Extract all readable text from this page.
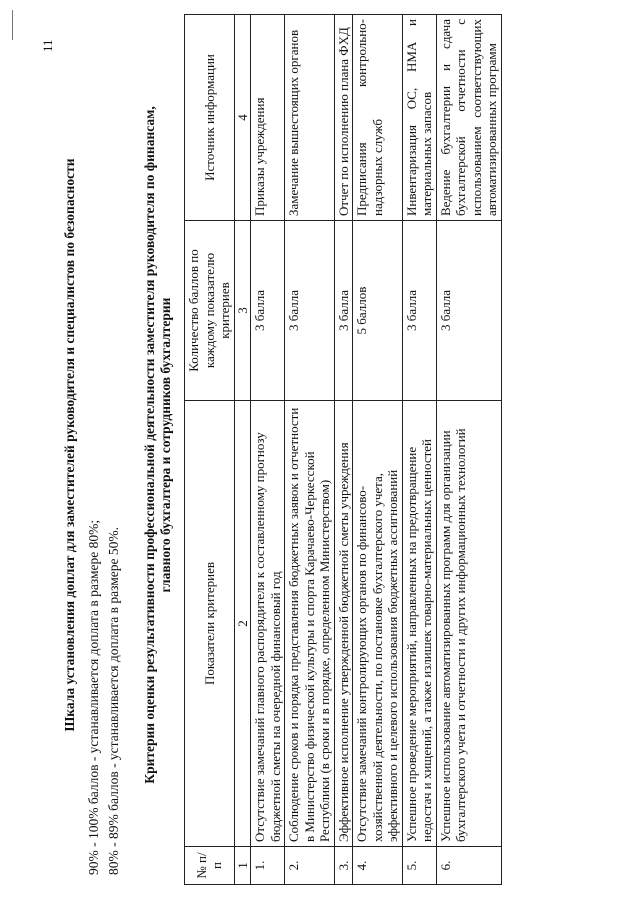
11
Шкала установления доплат для заместителей руководителя и специалистов по безопасности 90% - 100% баллов - устанавливается доплата в размере 80%; 80% - 89% баллов - устанавливается доплата в размере 50%. Критерии оценки результативности профессиональной деятельности заместителя руководителя по финансам, главного бухгалтера и сотрудников бухгалтерии
№ п/п	Показатели критериев	Количество баллов по каждому показателю критериев	Источник информации
1	2	3	4
1.	Отсутствие замечаний главного распорядителя к составленному прогнозу бюджетной сметы на очередной финансовый год	3 балла	Приказы учреждения
2.	Соблюдение сроков и порядка представления бюджетных заявок и отчетности в Министерство физической культуры и спорта Карачаево-Черкесской Республики (в сроки и в порядке, определенном Министерством)	3 балла	Замечание вышестоящих органов
3.	Эффективное исполнение утвержденной бюджетной сметы учреждения	3 балла	Отчет по исполнению плана ФХД
4.	Отсутствие замечаний контролирующих органов по финансово-хозяйственной деятельности, по постановке бухгалтерского учета, эффективного и целевого использования бюджетных ассигнований	5 баллов	Предписания контрольно-надзорных служб
5.	Успешное проведение мероприятий, направленных на предотвращение недостач и хищений, а также излишек товарно-материальных ценностей	3 балла	Инвентаризация ОС, НМА и материальных запасов
6.	Успешное использование автоматизированных программ для организации бухгалтерского учета и отчетности и других информационных технологий	3 балла	Ведение бухгалтерии и сдача бухгалтерской отчетности с использованием соответствующих автоматизированных программ
